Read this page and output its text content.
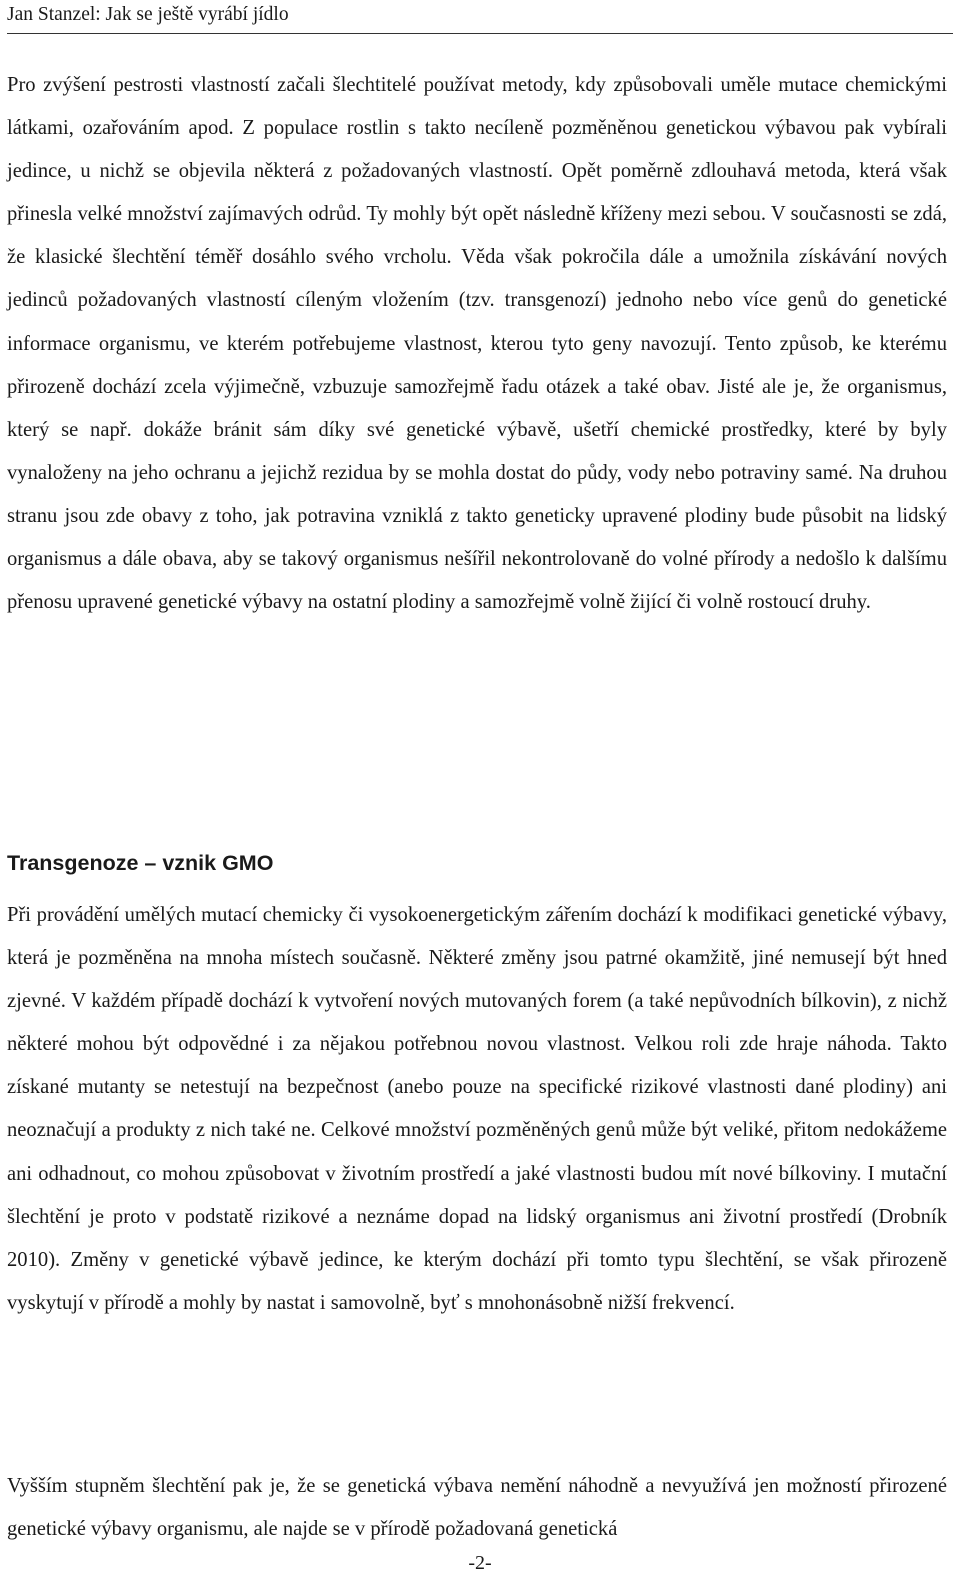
Jan Stanzel: Jak se ještě vyrábí jídlo

Pro zvýšení pestrosti vlastností začali šlechtitelé používat metody, kdy způsobovali uměle mutace chemickými látkami, ozařováním apod. Z populace rostlin s takto necíleně pozměněnou genetickou výbavou pak vybírali jedince, u nichž se objevila některá z požadovaných vlastností. Opět poměrně zdlouhavá metoda, která však přinesla velké množství zajímavých odrůd. Ty mohly být opět následně kříženy mezi sebou. V současnosti se zdá, že klasické šlechtění téměř dosáhlo svého vrcholu. Věda však pokročila dále a umožnila získávání nových jedinců požadovaných vlastností cíleným vložením (tzv. transgenozí) jednoho nebo více genů do genetické informace organismu, ve kterém potřebujeme vlastnost, kterou tyto geny navozují. Tento způsob, ke kterému přirozeně dochází zcela výjimečně, vzbuzuje samozřejmě řadu otázek a také obav. Jisté ale je, že organismus, který se např. dokáže bránit sám díky své genetické výbavě, ušetří chemické prostředky, které by byly vynaloženy na jeho ochranu a jejichž rezidua by se mohla dostat do půdy, vody nebo potraviny samé. Na druhou stranu jsou zde obavy z toho, jak potravina vzniklá z takto geneticky upravené plodiny bude působit na lidský organismus a dále obava, aby se takový organismus nešířil nekontrolovaně do volné přírody a nedošlo k dalšímu přenosu upravené genetické výbavy na ostatní plodiny a samozřejmě volně žijící či volně rostoucí druhy.

Transgenoze – vznik GMO

Při provádění umělých mutací chemicky či vysokoenergetickým zářením dochází k modifikaci genetické výbavy, která je pozměněna na mnoha místech současně. Některé změny jsou patrné okamžitě, jiné nemusejí být hned zjevné. V každém případě dochází k vytvoření nových mutovaných forem (a také nepůvodních bílkovin), z nichž některé mohou být odpovědné i za nějakou potřebnou novou vlastnost. Velkou roli zde hraje náhoda. Takto získané mutanty se netestují na bezpečnost (anebo pouze na specifické rizikové vlastnosti dané plodiny) ani neoznačují a produkty z nich také ne. Celkové množství pozměněných genů může být veliké, přitom nedokážeme ani odhadnout, co mohou způsobovat v životním prostředí a jaké vlastnosti budou mít nové bílkoviny. I mutační šlechtění je proto v podstatě rizikové a neznáme dopad na lidský organismus ani životní prostředí (Drobník 2010). Změny v genetické výbavě jedince, ke kterým dochází při tomto typu šlechtění, se však přirozeně vyskytují v přírodě a mohly by nastat i samovolně, byť s mnohonásobně nižší frekvencí.

Vyšším stupněm šlechtění pak je, že se genetická výbava nemění náhodně a nevyužívá jen možností přirozené genetické výbavy organismu, ale najde se v přírodě požadovaná genetická

-2-
